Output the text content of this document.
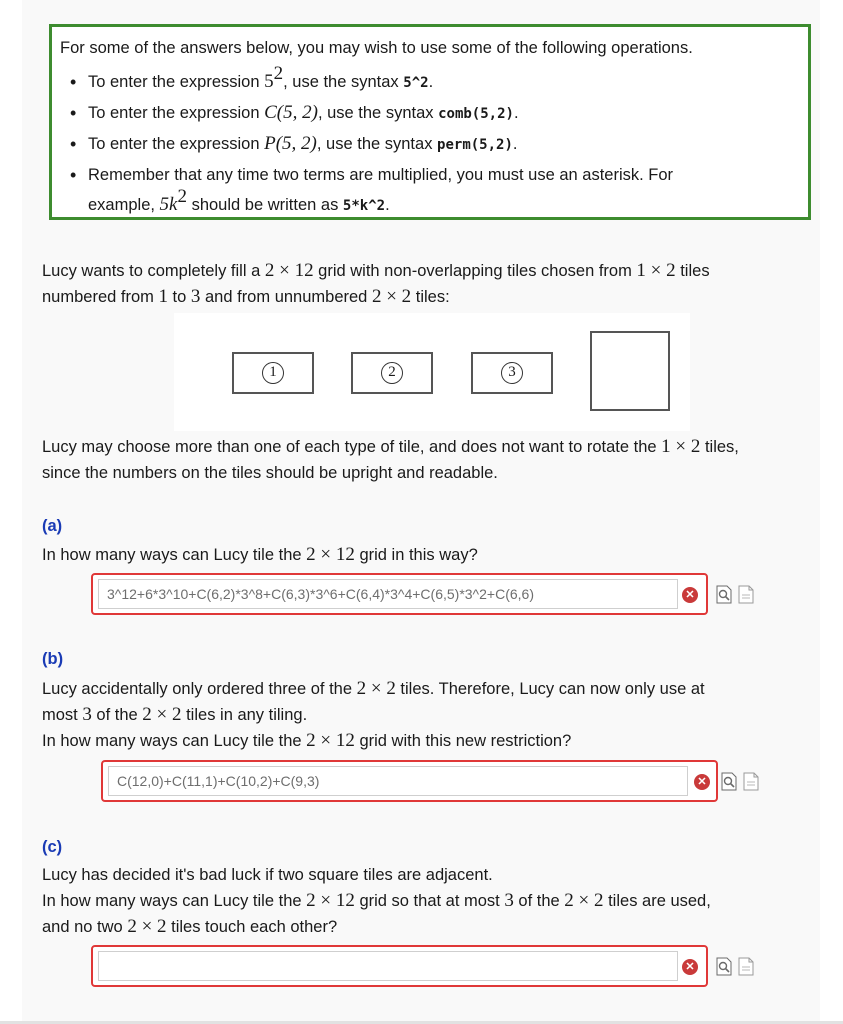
For some of the answers below, you may wish to use some of the following operations.
• To enter the expression $5^2$, use the syntax 5^2.
• To enter the expression C(5, 2), use the syntax comb(5,2).
• To enter the expression P(5, 2), use the syntax perm(5,2).
• Remember that any time two terms are multiplied, you must use an asterisk. For
example, $5k^2$ should be written as 5*k^2.
Lucy wants to completely fill a 2 × 12 grid with non-overlapping tiles chosen from 1 × 2 tiles
numbered from 1 to 3 and from unnumbered 2 × 2 tiles:
1	2	3
Lucy may choose more than one of each type of tile, and does not want to rotate the 1 × 2 tiles,
since the numbers on the tiles should be upright and readable.
(a)
In how many ways can Lucy tile the 2 × 12 grid in this way?
3^12+6*3^10+C(6,2)*3^8+C(6,3)*3^6+C(6,4)*3^4+C(6,5)*3^2+C(6,6)
✕
(b)
Lucy accidentally only ordered three of the 2 × 2 tiles. Therefore, Lucy can now only use at
most 3 of the 2 × 2 tiles in any tiling.
In how many ways can Lucy tile the 2 × 12 grid with this new restriction?
C(12,0)+C(11,1)+C(10,2)+C(9,3)
✕
(c)
Lucy has decided it's bad luck if two square tiles are adjacent.
In how many ways can Lucy tile the 2 × 12 grid so that at most 3 of the 2 × 2 tiles are used,
and no two 2 × 2 tiles touch each other?
✕
